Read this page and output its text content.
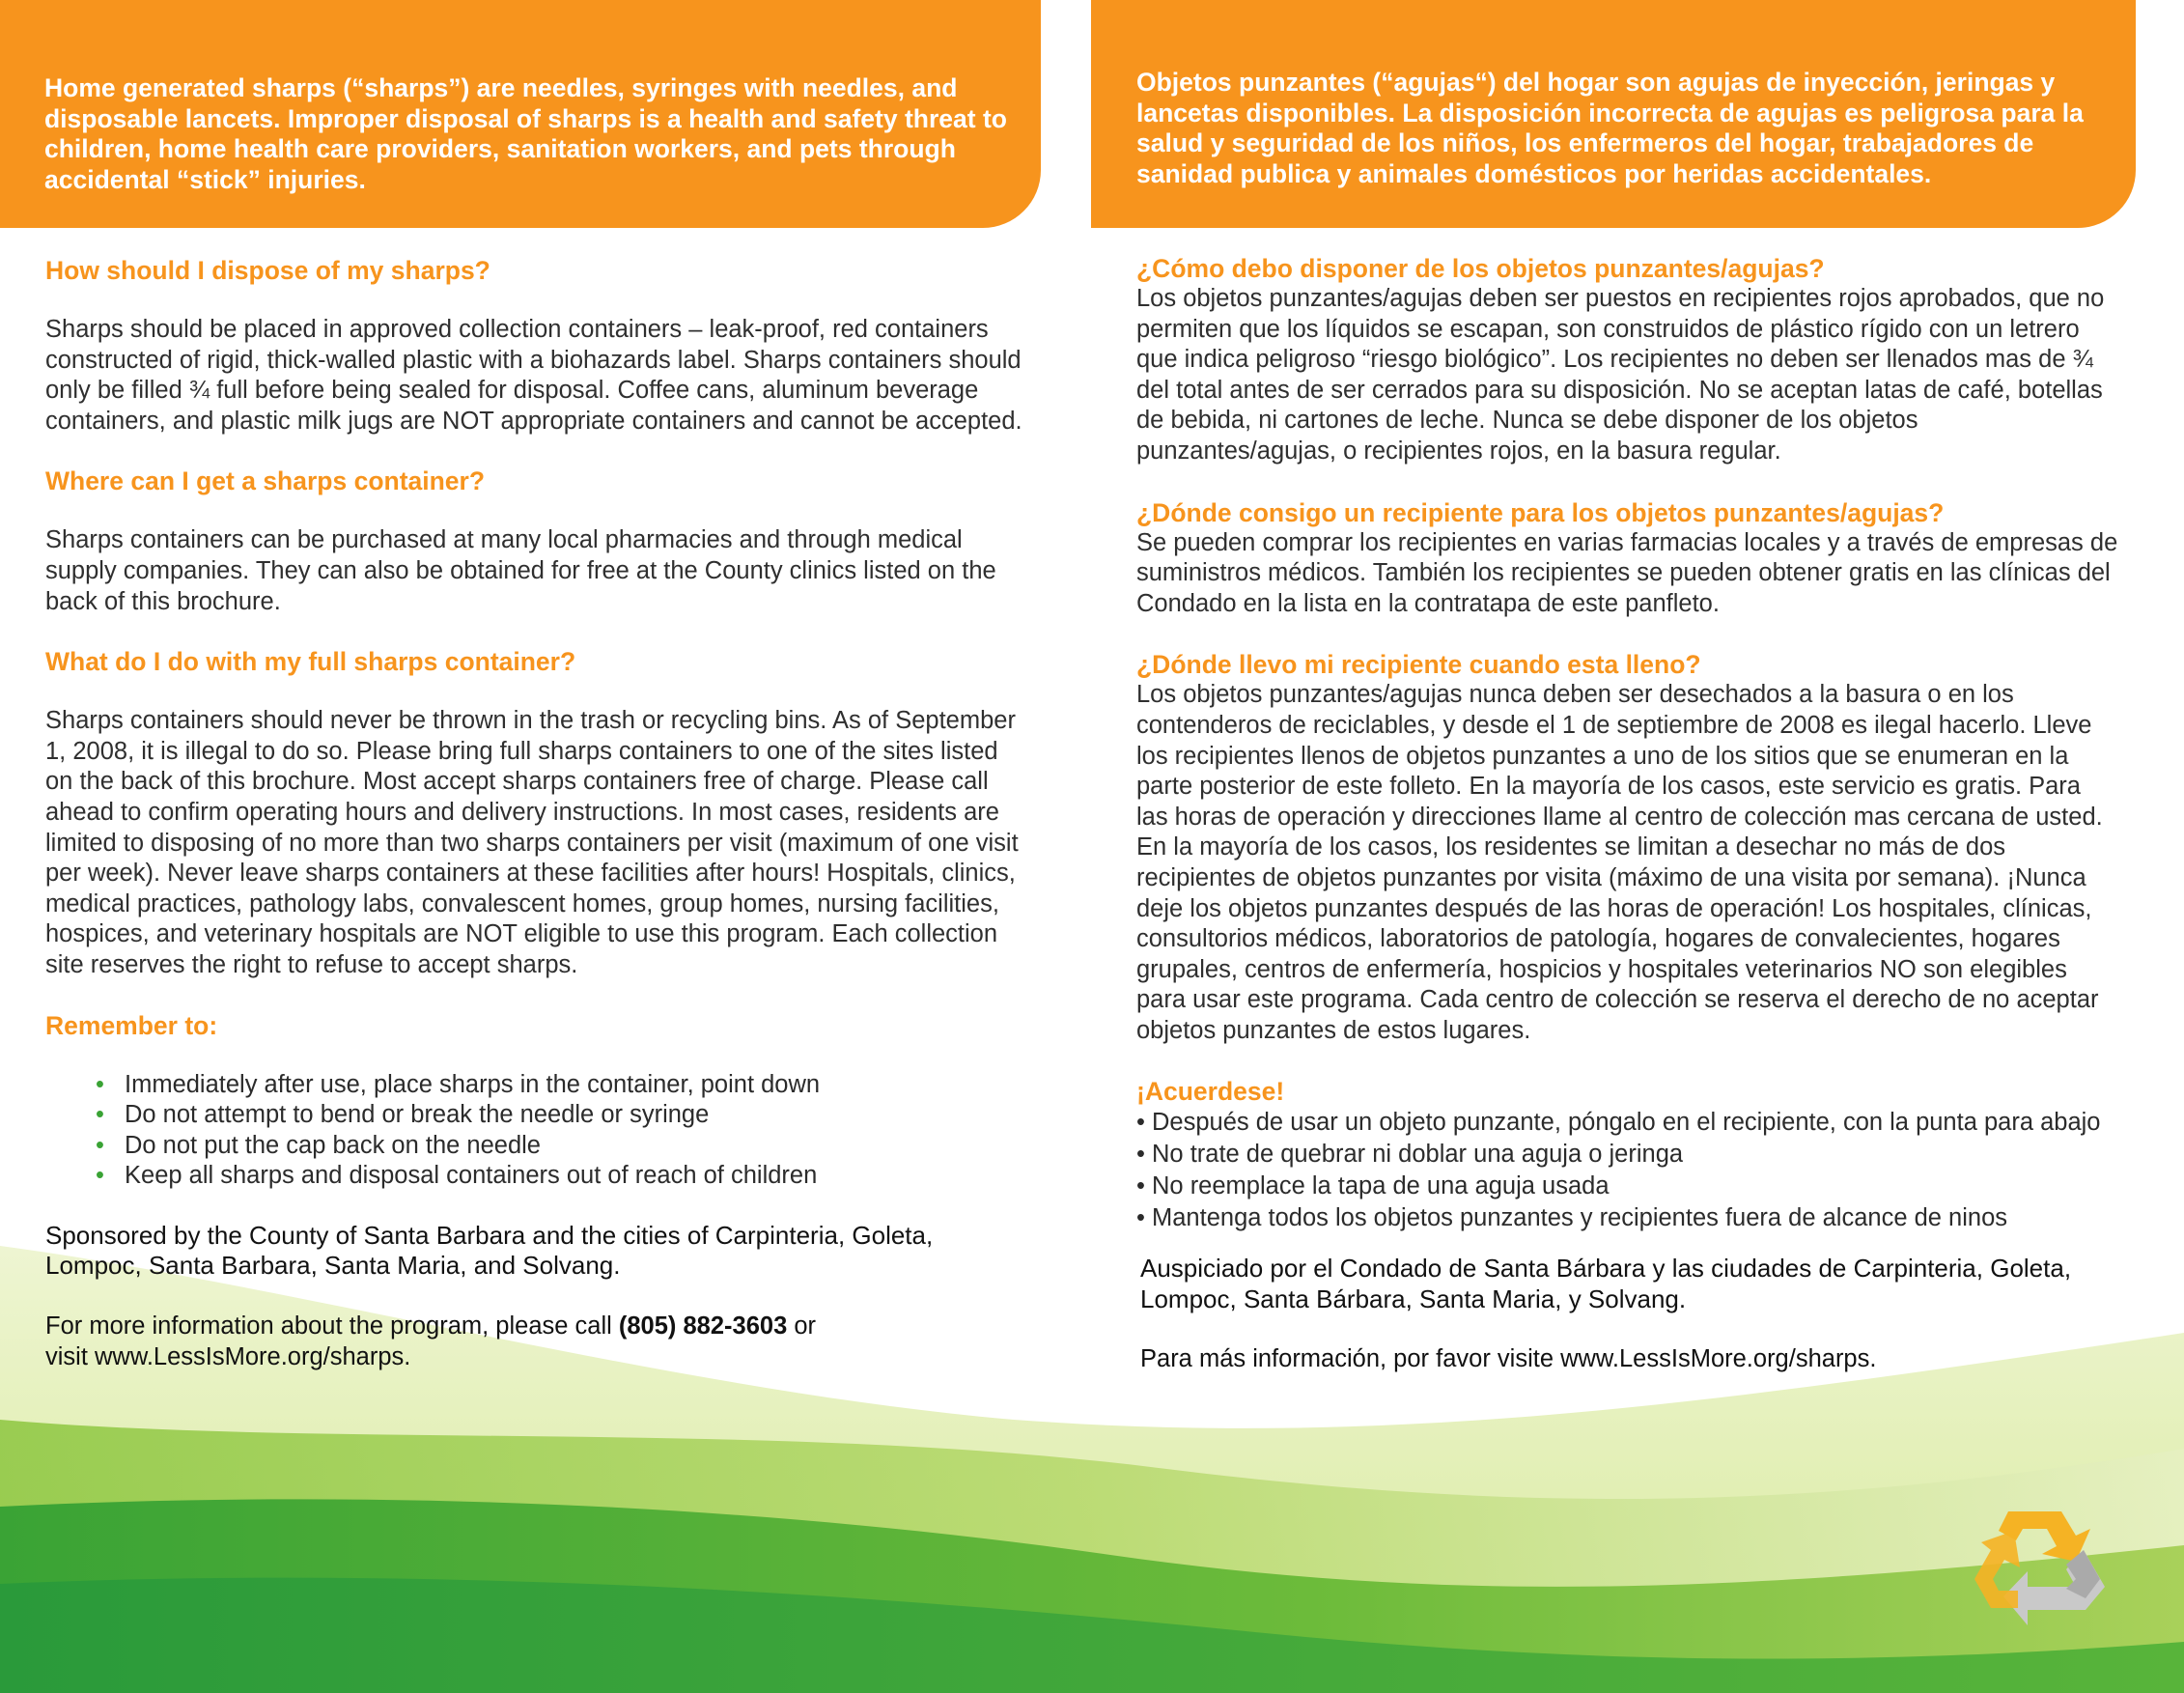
Home generated sharps (“sharps”) are needles, syringes with needles, and disposable lancets. Improper disposal of sharps is a health and safety threat to children, home health care providers, sanitation workers, and pets through accidental “stick” injuries.
How should I dispose of my sharps?

Sharps should be placed in approved collection containers – leak-proof, red containers constructed of rigid, thick-walled plastic with a biohazards label. Sharps containers should only be filled ¾ full before being sealed for disposal. Coffee cans, aluminum beverage containers, and plastic milk jugs are NOT appropriate containers and cannot be accepted.

Where can I get a sharps container?

Sharps containers can be purchased at many local pharmacies and through medical supply companies. They can also be obtained for free at the County clinics listed on the back of this brochure.

What do I do with my full sharps container?

Sharps containers should never be thrown in the trash or recycling bins. As of September 1, 2008, it is illegal to do so. Please bring full sharps containers to one of the sites listed on the back of this brochure. Most accept sharps containers free of charge. Please call ahead to confirm operating hours and delivery instructions. In most cases, residents are limited to disposing of no more than two sharps containers per visit (maximum of one visit per week). Never leave sharps containers at these facilities after hours! Hospitals, clinics, medical practices, pathology labs, convalescent homes, group homes, nursing facilities, hospices, and veterinary hospitals are NOT eligible to use this program. Each collection site reserves the right to refuse to accept sharps.

Remember to:
• Immediately after use, place sharps in the container, point down
• Do not attempt to bend or break the needle or syringe
• Do not put the cap back on the needle
• Keep all sharps and disposal containers out of reach of children

Sponsored by the County of Santa Barbara and the cities of Carpinteria, Goleta, Lompoc, Santa Barbara, Santa Maria, and Solvang.

For more information about the program, please call (805) 882-3603 or
visit www.LessIsMore.org/sharps.
Objetos punzantes (“agujas“) del hogar son agujas de inyección, jeringas y lancetas disponibles. La disposición incorrecta de agujas es peligrosa para la salud y seguridad de los niños, los enfermeros del hogar, trabajadores de sanidad publica y animales domésticos por heridas accidentales.
¿Cómo debo disponer de los objetos punzantes/agujas?

Los objetos punzantes/agujas deben ser puestos en recipientes rojos aprobados, que no permiten que los líquidos se escapan, son construidos de plástico rígido con un letrero que indica peligroso “riesgo biológico”. Los recipientes no deben ser llenados mas de ¾ del total antes de ser cerrados para su disposición. No se aceptan latas de café, botellas de bebida, ni cartones de leche. Nunca se debe disponer de los objetos punzantes/agujas, o recipientes rojos, en la basura regular.

¿Dónde consigo un recipiente para los objetos punzantes/agujas?

Se pueden comprar los recipientes en varias farmacias locales y a través de empresas de suministros médicos. También los recipientes se pueden obtener gratis en las clínicas del Condado en la lista en la contratapa de este panfleto.

¿Dónde llevo mi recipiente cuando esta lleno?

Los objetos punzantes/agujas nunca deben ser desechados a la basura o en los contenderos de reciclables, y desde el 1 de septiembre de 2008 es ilegal hacerlo. Lleve los recipientes llenos de objetos punzantes a uno de los sitios que se enumeran en la parte posterior de este folleto. En la mayoría de los casos, este servicio es gratis. Para las horas de operación y direcciones llame al centro de colección mas cercana de usted. En la mayoría de los casos, los residentes se limitan a desechar no más de dos recipientes de objetos punzantes por visita (máximo de una visita por semana). ¡Nunca deje los objetos punzantes después de las horas de operación! Los hospitales, clínicas, consultorios médicos, laboratorios de patología, hogares de convalecientes, hogares grupales, centros de enfermería, hospicios y hospitales veterinarios NO son elegibles para usar este programa. Cada centro de colección se reserva el derecho de no aceptar objetos punzantes de estos lugares.

¡Acuerdese!
• Después de usar un objeto punzante, póngalo en el recipiente, con la punta para abajo
• No trate de quebrar ni doblar una aguja o jeringa
• No reemplace la tapa de una aguja usada
• Mantenga todos los objetos punzantes y recipientes fuera de alcance de ninos

Auspiciado por el Condado de Santa Bárbara y las ciudades de Carpinteria, Goleta, Lompoc, Santa Bárbara, Santa Maria, y Solvang.

Para más información, por favor visite www.LessIsMore.org/sharps.
